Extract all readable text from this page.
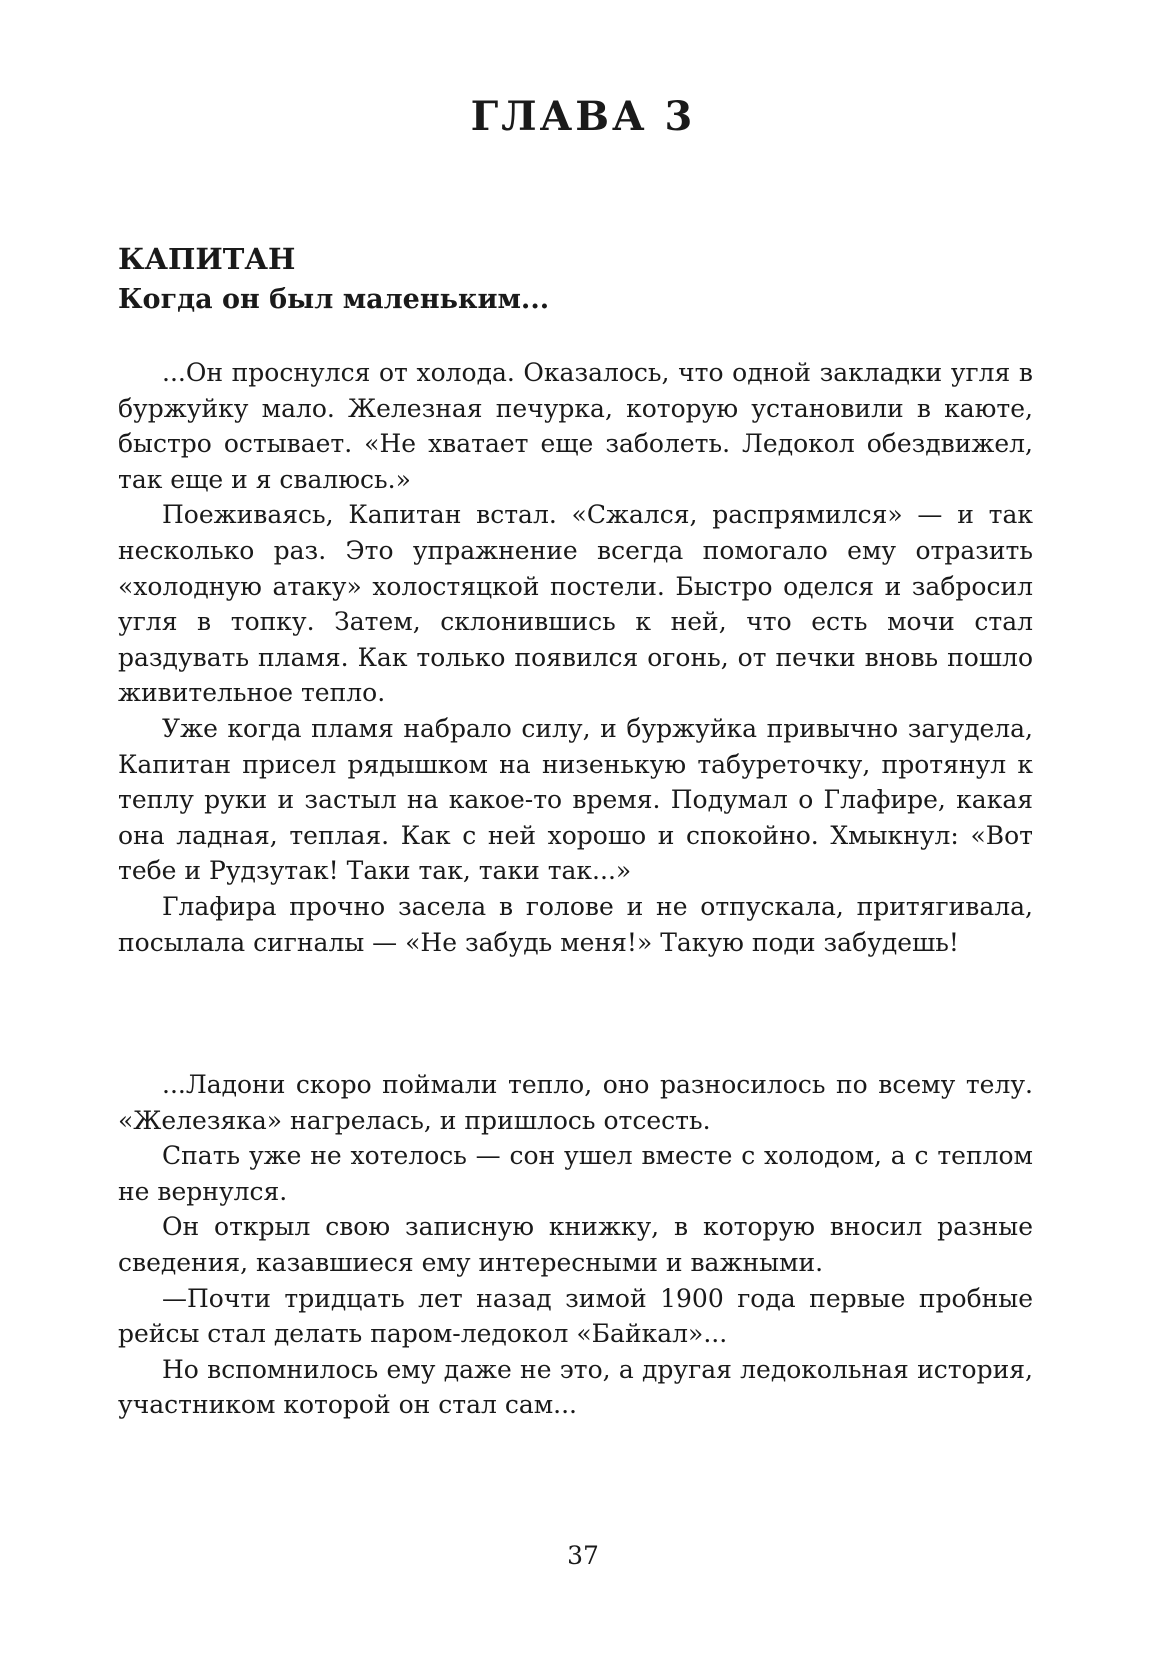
ГЛАВА 3
КАПИТАН
Когда он был маленьким...

...Он проснулся от холода. Оказалось, что одной закладки угля в буржуйку мало. Железная печурка, которую установили в каюте, быстро остывает. «Не хватает еще заболеть. Ледокол обездвижел, так еще и я свалюсь.»

Поеживаясь, Капитан встал. «Сжался, распрямился» — и так несколько раз. Это упражнение всегда помогало ему отразить «холодную атаку» холостяцкой постели. Быстро оделся и забросил угля в топку. Затем, склонившись к ней, что есть мочи стал раздувать пламя. Как только появился огонь, от печки вновь пошло живительное тепло.

Уже когда пламя набрало силу, и буржуйка привычно загудела, Капитан присел рядышком на низенькую табуреточку, протянул к теплу руки и застыл на какое-то время. Подумал о Глафире, какая она ладная, теплая. Как с ней хорошо и спокойно. Хмыкнул: «Вот тебе и Рудзутак! Таки так, таки так...»

Глафира прочно засела в голове и не отпускала, притягивала, посылала сигналы — «Не забудь меня!» Такую поди забудешь!

...Ладони скоро поймали тепло, оно разносилось по всему телу. «Железяка» нагрелась, и пришлось отсесть.

Спать уже не хотелось — сон ушел вместе с холодом, а с теплом не вернулся.

Он открыл свою записную книжку, в которую вносил разные сведения, казавшиеся ему интересными и важными.

—Почти тридцать лет назад зимой 1900 года первые пробные рейсы стал делать паром-ледокол «Байкал»...

Но вспомнилось ему даже не это, а другая ледокольная история, участником которой он стал сам...

37
